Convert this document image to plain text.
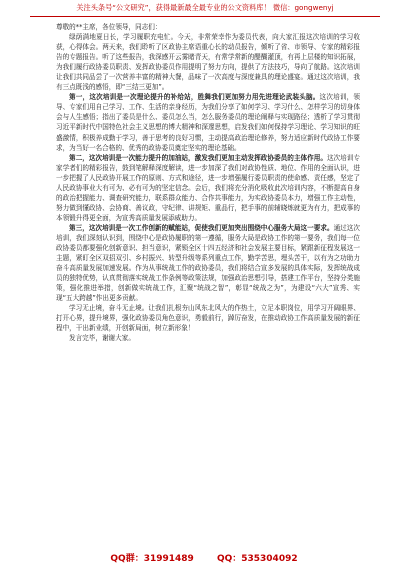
关注头条号“公文研究”，获得最新最全最专业的公文资料库！ 微信：gongwenyj

尊敬的**主席，各位领导，同志们：

绿荫满地夏日长，学习履职充电忙。今天，非常荣幸作为委员代表，向大家汇报这次培训的学习收获，心得体会。两天来，我们聆听了区政协主席语重心长的动员报告，倾听了省、市领导、专家的精彩报告的专题报告。听了这些报告，我深感开云雾睹青天，有常学常新的醍醐灌顶，有再上层楼的知识拓展，为我们履行政协委员职责、发挥政协委员作用提明了努力方向，提供了方法技巧，导向了航路。这次培训让我们共同品尝了一次营养丰富的精神大餐，品味了一次高度与深度兼具的理论盛宴。通过这次培训，我有三点既浅的感悟，即“三结三更加”。

第一，这次培训是一次理论提升的补给站，胜舞我们更加努力用先进理论武装头脑。这次培训，领导、专家们用自己学习、工作、生活的亲身经历，为我们分享了如何学习、学习什么、怎样学习的切身体会与人生感悟；指出了委员是什么、委员怎么当，怎么服务委员的理论阐释与实现路径；透析了学习贯彻习近平新时代中国特色社会主义思想的博大精神和深邃思想，启发我们如何保持学习理论、学习知识的旺盛激情，积极养成勤于学习，善于思考的良好习惯，主动提高政治理论修养，努力适应新时代政协工作要求，为当好一名合格的、优秀的政协委员奠定坚实的理论基础。

第二，这次培训是一次能力提升的加油站，激发我们更加主动发挥政协委员的主体作用。这次培训专家学者们的精彩报告，鼓到笔解释深度解读，进一步加深了我们对政协性质、地位、作用的全面认识，进一步把握了人民政协开展工作的原则、方式和途径，进一步增强履行委员职责的使命感、责任感，坚定了人民政协事业大有可为、必有可为的坚定信念。会后，我们将充分消化吸收此次培训内容，不断提高自身的政治把握能力、调查研究能力，联系群众能力、合作共事能力，为实政协委员本力，增强工作主动性，努力做到懂政协、会协商、善议政，守纪律、讲规矩、重品行，把手事的前辅晓炼就更为有力，把成事的本领锻升得更全面，为宣秀高质量发展添威助力。

第三，这次培训是一次工作创新的赋能站，促使我们更加突出围绕中心服务大局这一要求。通过这次培训，我们深刻认识到，围绕中心是政协履职的第一遵循，服务大局是政协工作的第一要务，我们每一位政协委员都要强化创新意识、担当意识，紧锁全区十四五经济和社会发展主要目标，紧跟新征程发展这一主题，紧盯全区双招双引、乡村振兴、转型升级等系列重点工作，勤学苦思，埋头苦干，以有为之功助力奋斗高质量发展加速发展。作为从事统战工作的政协委员，我们将结合宣多发展的具体实际，发挥统战成员的独特优势，认真贯彻落实统战工作条例等政策法规，加强政治思想引导，搭建工作平台，坚持分类施策，强化推进举措，创新做实统战工作，汇聚“统战之智”，彰显“统战之为”，为建设“六大”宣秀、实现“五大跨越”作出更多贡献。

学习无止境，奋斗无止境。让我们扎根夯山风东北风大的作热土，立足本职岗位，用学习开阔眼界、打开心界，提升境界，强化政协委员角色意识，勇毅前行，踔厉奋发，在推动政协工作高质量发展的新征程中，干出新业绩，开创新局面，树立新形象！

发言完毕，谢谢大家。

QQ群：31991489	QQ：535304092
